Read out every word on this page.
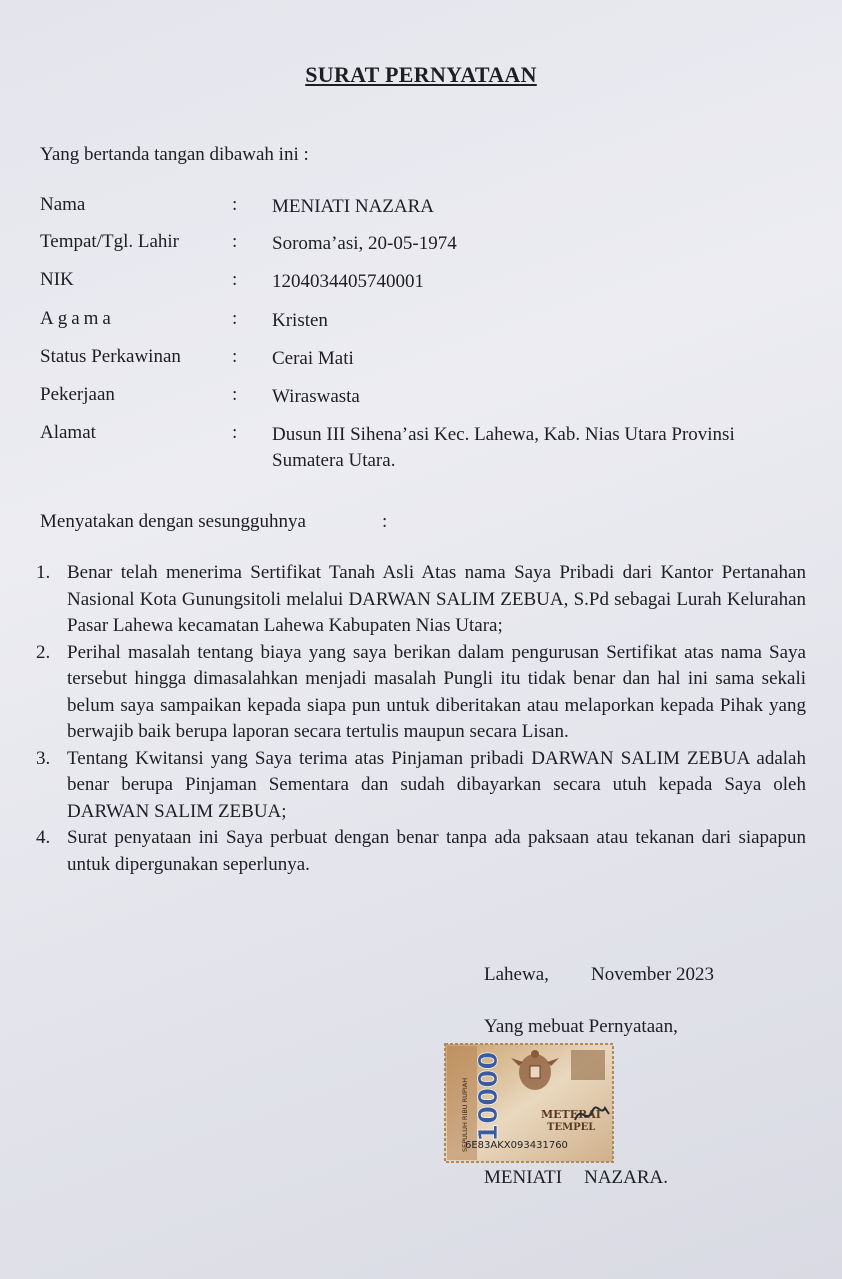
SURAT PERNYATAAN
Yang bertanda tangan dibawah ini :
Nama	: MENIATI NAZARA
Tempat/Tgl. Lahir	: Soroma’asi, 20-05-1974
NIK	: 1204034405740001
Agama	: Kristen
Status Perkawinan	: Cerai Mati
Pekerjaan	: Wiraswasta
Alamat	: Dusun III Sihena’asi Kec. Lahewa, Kab. Nias Utara Provinsi Sumatera Utara.
Menyatakan dengan sesungguhnya	:
1. Benar telah menerima Sertifikat Tanah Asli Atas nama Saya Pribadi dari Kantor Pertanahan Nasional Kota Gunungsitoli melalui DARWAN SALIM ZEBUA, S.Pd sebagai Lurah Kelurahan Pasar Lahewa kecamatan Lahewa Kabupaten Nias Utara;
2. Perihal masalah tentang biaya yang saya berikan dalam pengurusan Sertifikat atas nama Saya tersebut hingga dimasalahkan menjadi masalah Pungli itu tidak benar dan hal ini sama sekali belum saya sampaikan kepada siapa pun untuk diberitakan atau melaporkan kepada Pihak yang berwajib baik berupa laporan secara tertulis maupun secara Lisan.
3. Tentang Kwitansi yang Saya terima atas Pinjaman pribadi DARWAN SALIM ZEBUA adalah benar berupa Pinjaman Sementara dan sudah dibayarkan secara utuh kepada Saya oleh DARWAN SALIM ZEBUA;
4. Surat penyataan ini Saya perbuat dengan benar tanpa ada paksaan atau tekanan dari siapapun untuk dipergunakan seperlunya.
Lahewa, November 2023
Yang mebuat Pernyataan,
SEPULUH RIBU RUPIAH 10000	METERAI
TEMPEL
6E83AKX093431760
MENIATI NAZARA.
